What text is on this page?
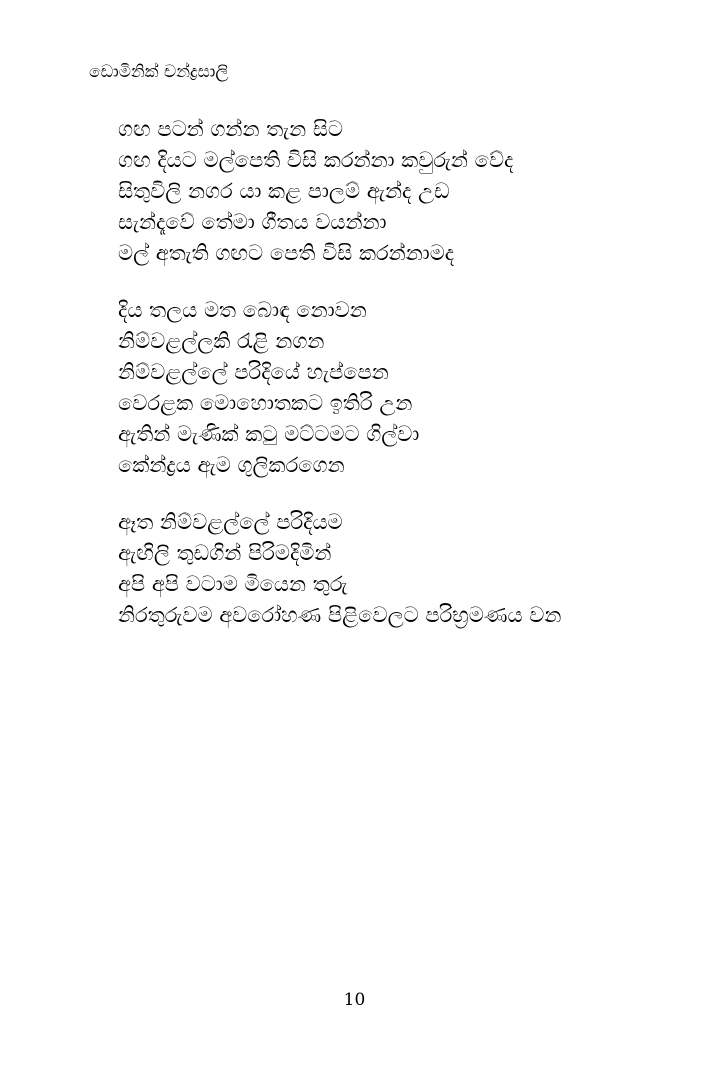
ඩොමිනික් චන්ද්‍රසාලි
ගඟ පටන් ගන්න තැන සිට
ගඟ දියට මල්පෙති විසි කරන්නා කවුරුන් වේද
සිතුවිලි නගර යා කළ පාලම් ඇන්ද උඩ
සැන්දෑවේ තේමා ගීතය වයන්නා
මල් අතැති ගඟට පෙති විසි කරන්නාමද
දිය තලය මත බොඳ නොවන
නිම්වළල්ලකි රැළි නගන
නිම්වළල්ලේ පරිදියේ හැප්පෙන
වෙරළක මොහොතකට ඉතිරි උන
ඇතින් මැණික් කටු මට්ටමට ගිල්වා
කේන්ද්‍රය ඇම ගුලිකරගෙන
ඈත නිම්වළල්ලේ පරිදියම
ඇඟිලි තුඩගින් පිරිමදිමින්
අපි අපි වටාම මියෙන තුරු
නිරතුරුවම අවරෝහණ පිළිවෙලට පරිභ්‍රමණය වන
10
